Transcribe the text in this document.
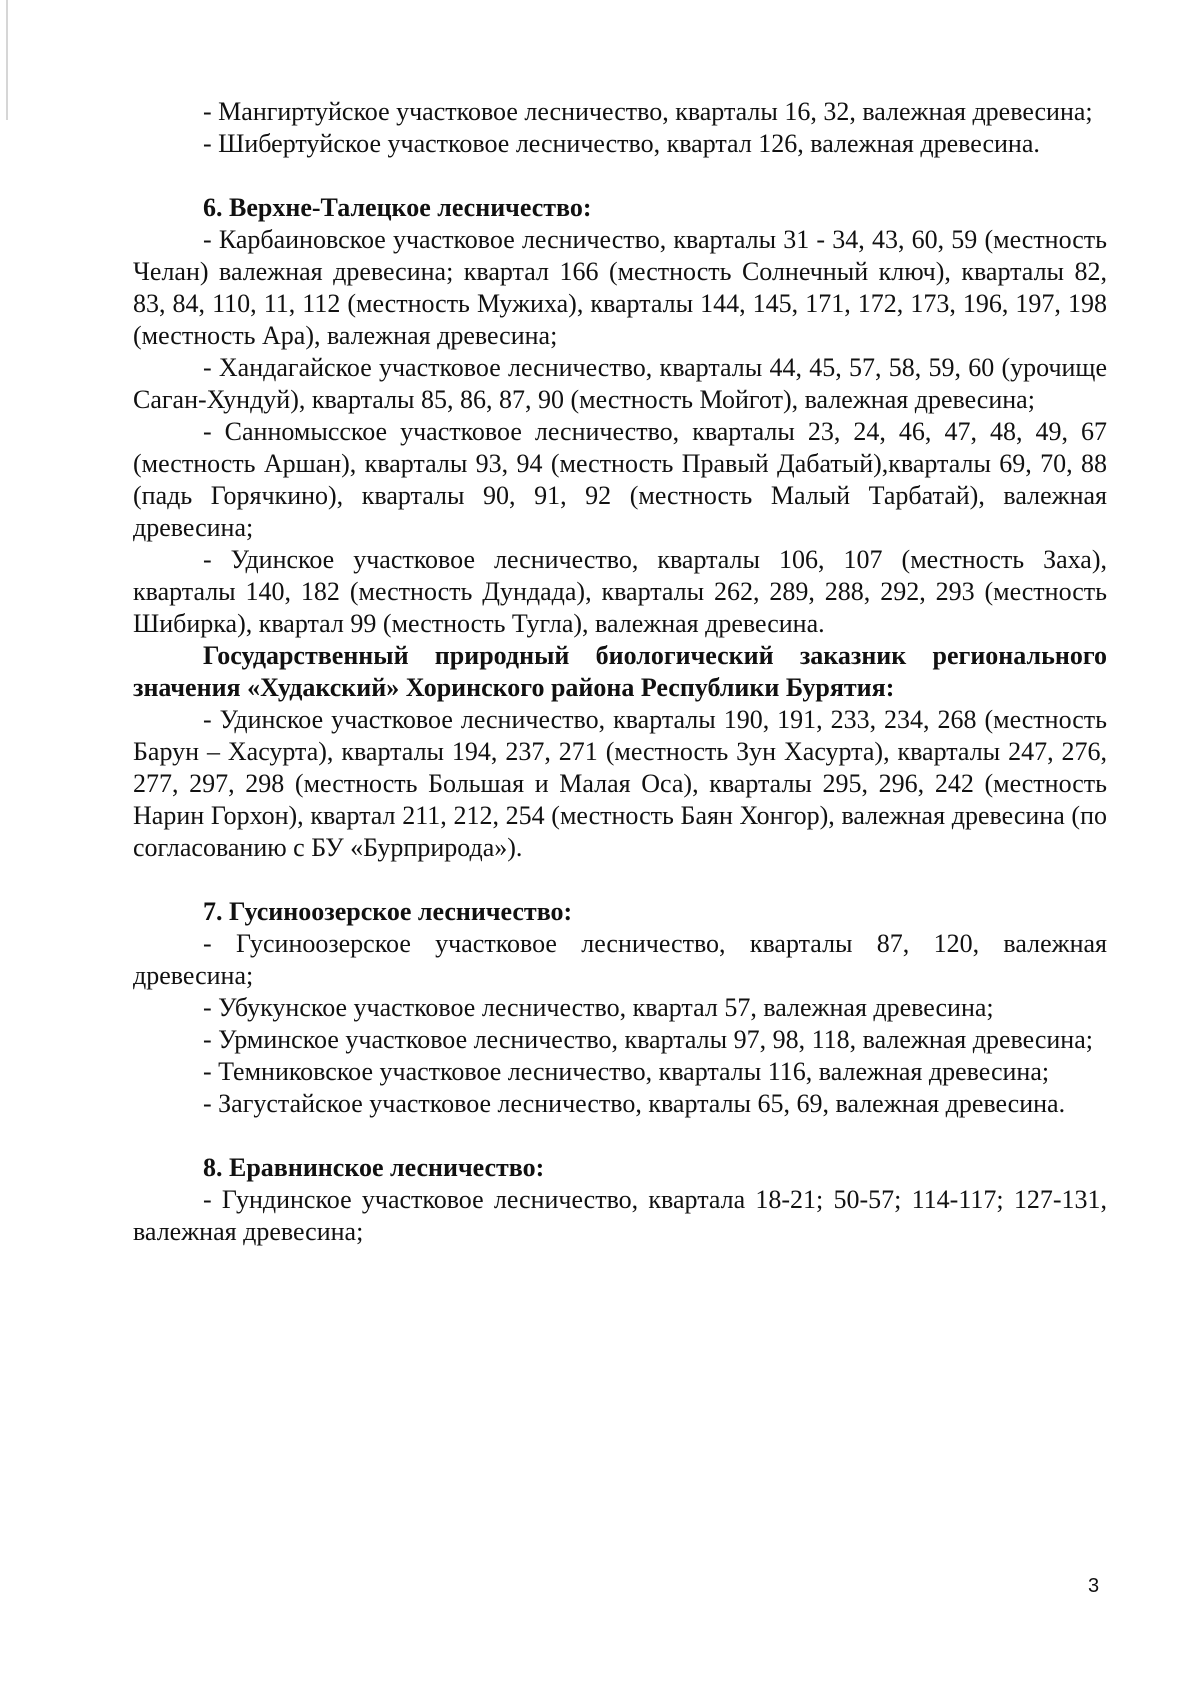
- Мангиртуйское участковое лесничество, кварталы 16, 32, валежная древесина;

- Шибертуйское участковое лесничество, квартал 126, валежная древесина.

6. Верхне-Талецкое лесничество:

- Карбаиновское участковое лесничество, кварталы 31 - 34, 43, 60, 59 (местность Челан) валежная древесина; квартал 166 (местность Солнечный ключ), кварталы 82, 83, 84, 110, 11, 112 (местность Мужиха), кварталы 144, 145, 171, 172, 173, 196, 197, 198 (местность Ара), валежная древесина;

- Хандагайское участковое лесничество, кварталы 44, 45, 57, 58, 59, 60 (урочище Саган-Хундуй), кварталы 85, 86, 87, 90 (местность Мойгот), валежная древесина;

- Санномысское участковое лесничество, кварталы 23, 24, 46, 47, 48, 49, 67 (местность Аршан), кварталы 93, 94 (местность Правый Дабатый),кварталы 69, 70, 88 (падь Горячкино), кварталы 90, 91, 92 (местность Малый Тарбатай), валежная древесина;

- Удинское участковое лесничество, кварталы 106, 107 (местность Заха), кварталы 140, 182 (местность Дундада), кварталы 262, 289, 288, 292, 293 (местность Шибирка), квартал 99 (местность Тугла), валежная древесина.

Государственный природный биологический заказник регионального значения «Худакский» Хоринского района Республики Бурятия:

- Удинское участковое лесничество, кварталы 190, 191, 233, 234, 268 (местность Барун – Хасурта), кварталы 194, 237, 271 (местность Зун Хасурта), кварталы 247, 276, 277, 297, 298 (местность Большая и Малая Оса), кварталы 295, 296, 242 (местность Нарин Горхон), квартал 211, 212, 254 (местность Баян Хонгор), валежная древесина (по согласованию с БУ «Бурприрода»).

7. Гусиноозерское лесничество:

- Гусиноозерское участковое лесничество, кварталы 87, 120, валежная древесина;

- Убукунское участковое лесничество, квартал 57, валежная древесина;

- Урминское участковое лесничество, кварталы 97, 98, 118, валежная древесина;

- Темниковское участковое лесничество, кварталы 116, валежная древесина;

- Загустайское участковое лесничество, кварталы 65, 69, валежная древесина.

8. Еравнинское лесничество:

- Гундинское участковое лесничество, квартала 18-21; 50-57; 114-117; 127-131, валежная древесина;

3
